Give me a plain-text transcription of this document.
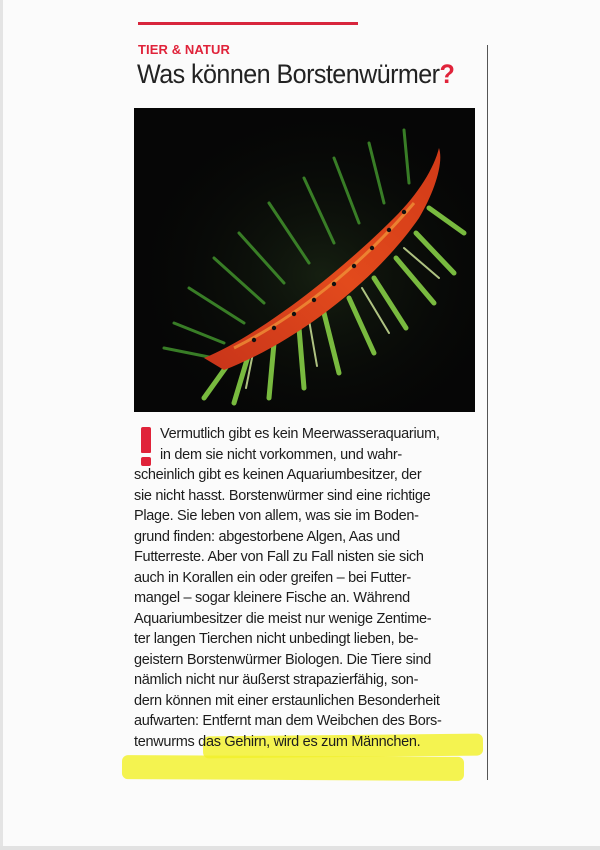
TIER & NATUR
Was können Borstenwürmer?
Vermutlich gibt es kein Meerwasseraquarium,
in dem sie nicht vorkommen, und wahr-
scheinlich gibt es keinen Aquariumbesitzer, der
sie nicht hasst. Borstenwürmer sind eine richtige
Plage. Sie leben von allem, was sie im Boden-
grund finden: abgestorbene Algen, Aas und
Futterreste. Aber von Fall zu Fall nisten sie sich
auch in Korallen ein oder greifen – bei Futter-
mangel – sogar kleinere Fische an. Während
Aquariumbesitzer die meist nur wenige Zentime-
ter langen Tierchen nicht unbedingt lieben, be-
geistern Borstenwürmer Biologen. Die Tiere sind
nämlich nicht nur äußerst strapazierfähig, son-
dern können mit einer erstaunlichen Besonderheit
aufwarten: Entfernt man dem Weibchen des Bors-
tenwurms das Gehirn, wird es zum Männchen.
